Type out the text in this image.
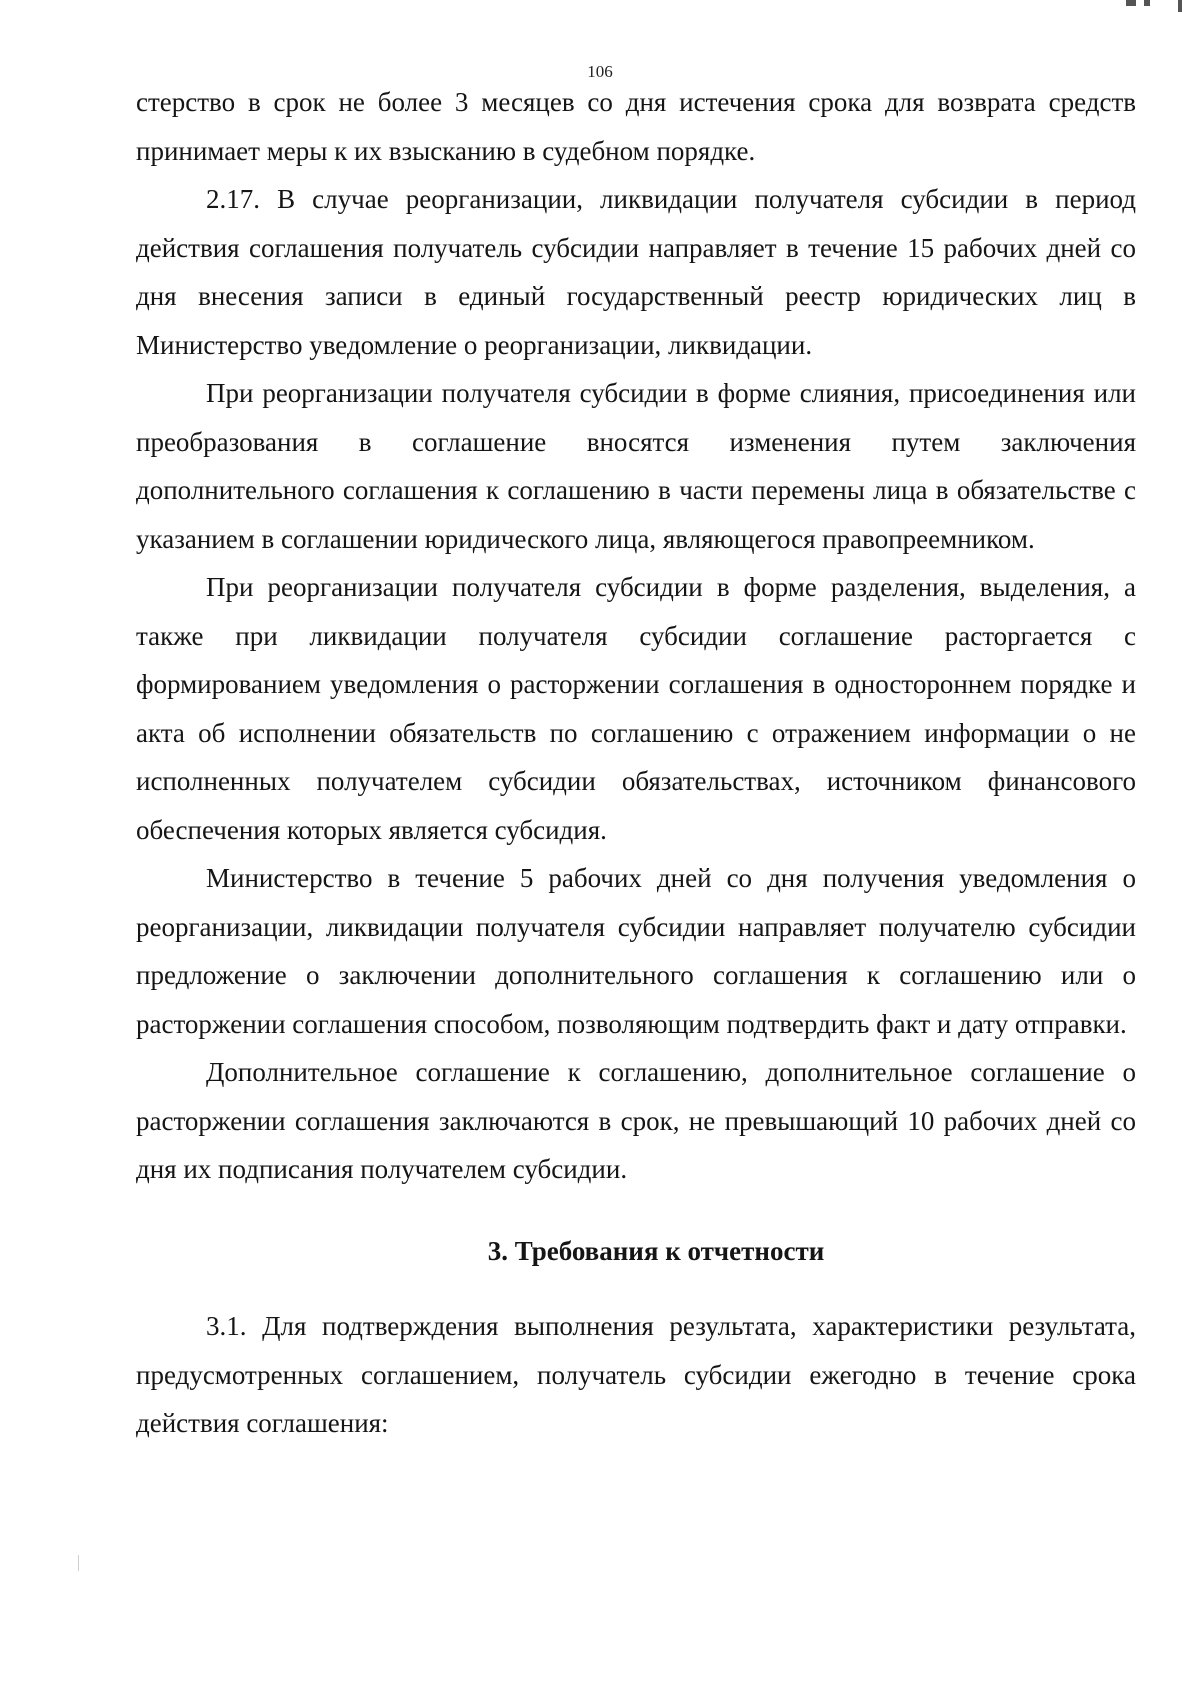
106

стерство в срок не более 3 месяцев со дня истечения срока для возврата средств принимает меры к их взысканию в судебном порядке.

2.17. В случае реорганизации, ликвидации получателя субсидии в период действия соглашения получатель субсидии направляет в течение 15 рабочих дней со дня внесения записи в единый государственный реестр юридических лиц в Министерство уведомление о реорганизации, ликвидации.

При реорганизации получателя субсидии в форме слияния, присоединения или преобразования в соглашение вносятся изменения путем заключения дополнительного соглашения к соглашению в части перемены лица в обязательстве с указанием в соглашении юридического лица, являющегося правопреемником.

При реорганизации получателя субсидии в форме разделения, выделения, а также при ликвидации получателя субсидии соглашение расторгается с формированием уведомления о расторжении соглашения в одностороннем порядке и акта об исполнении обязательств по соглашению с отражением информации о не исполненных получателем субсидии обязательствах, источником финансового обеспечения которых является субсидия.

Министерство в течение 5 рабочих дней со дня получения уведомления о реорганизации, ликвидации получателя субсидии направляет получателю субсидии предложение о заключении дополнительного соглашения к соглашению или о расторжении соглашения способом, позволяющим подтвердить факт и дату отправки.

Дополнительное соглашение к соглашению, дополнительное соглашение о расторжении соглашения заключаются в срок, не превышающий 10 рабочих дней со дня их подписания получателем субсидии.

3. Требования к отчетности

3.1. Для подтверждения выполнения результата, характеристики результата, предусмотренных соглашением, получатель субсидии ежегодно в течение срока действия соглашения:
